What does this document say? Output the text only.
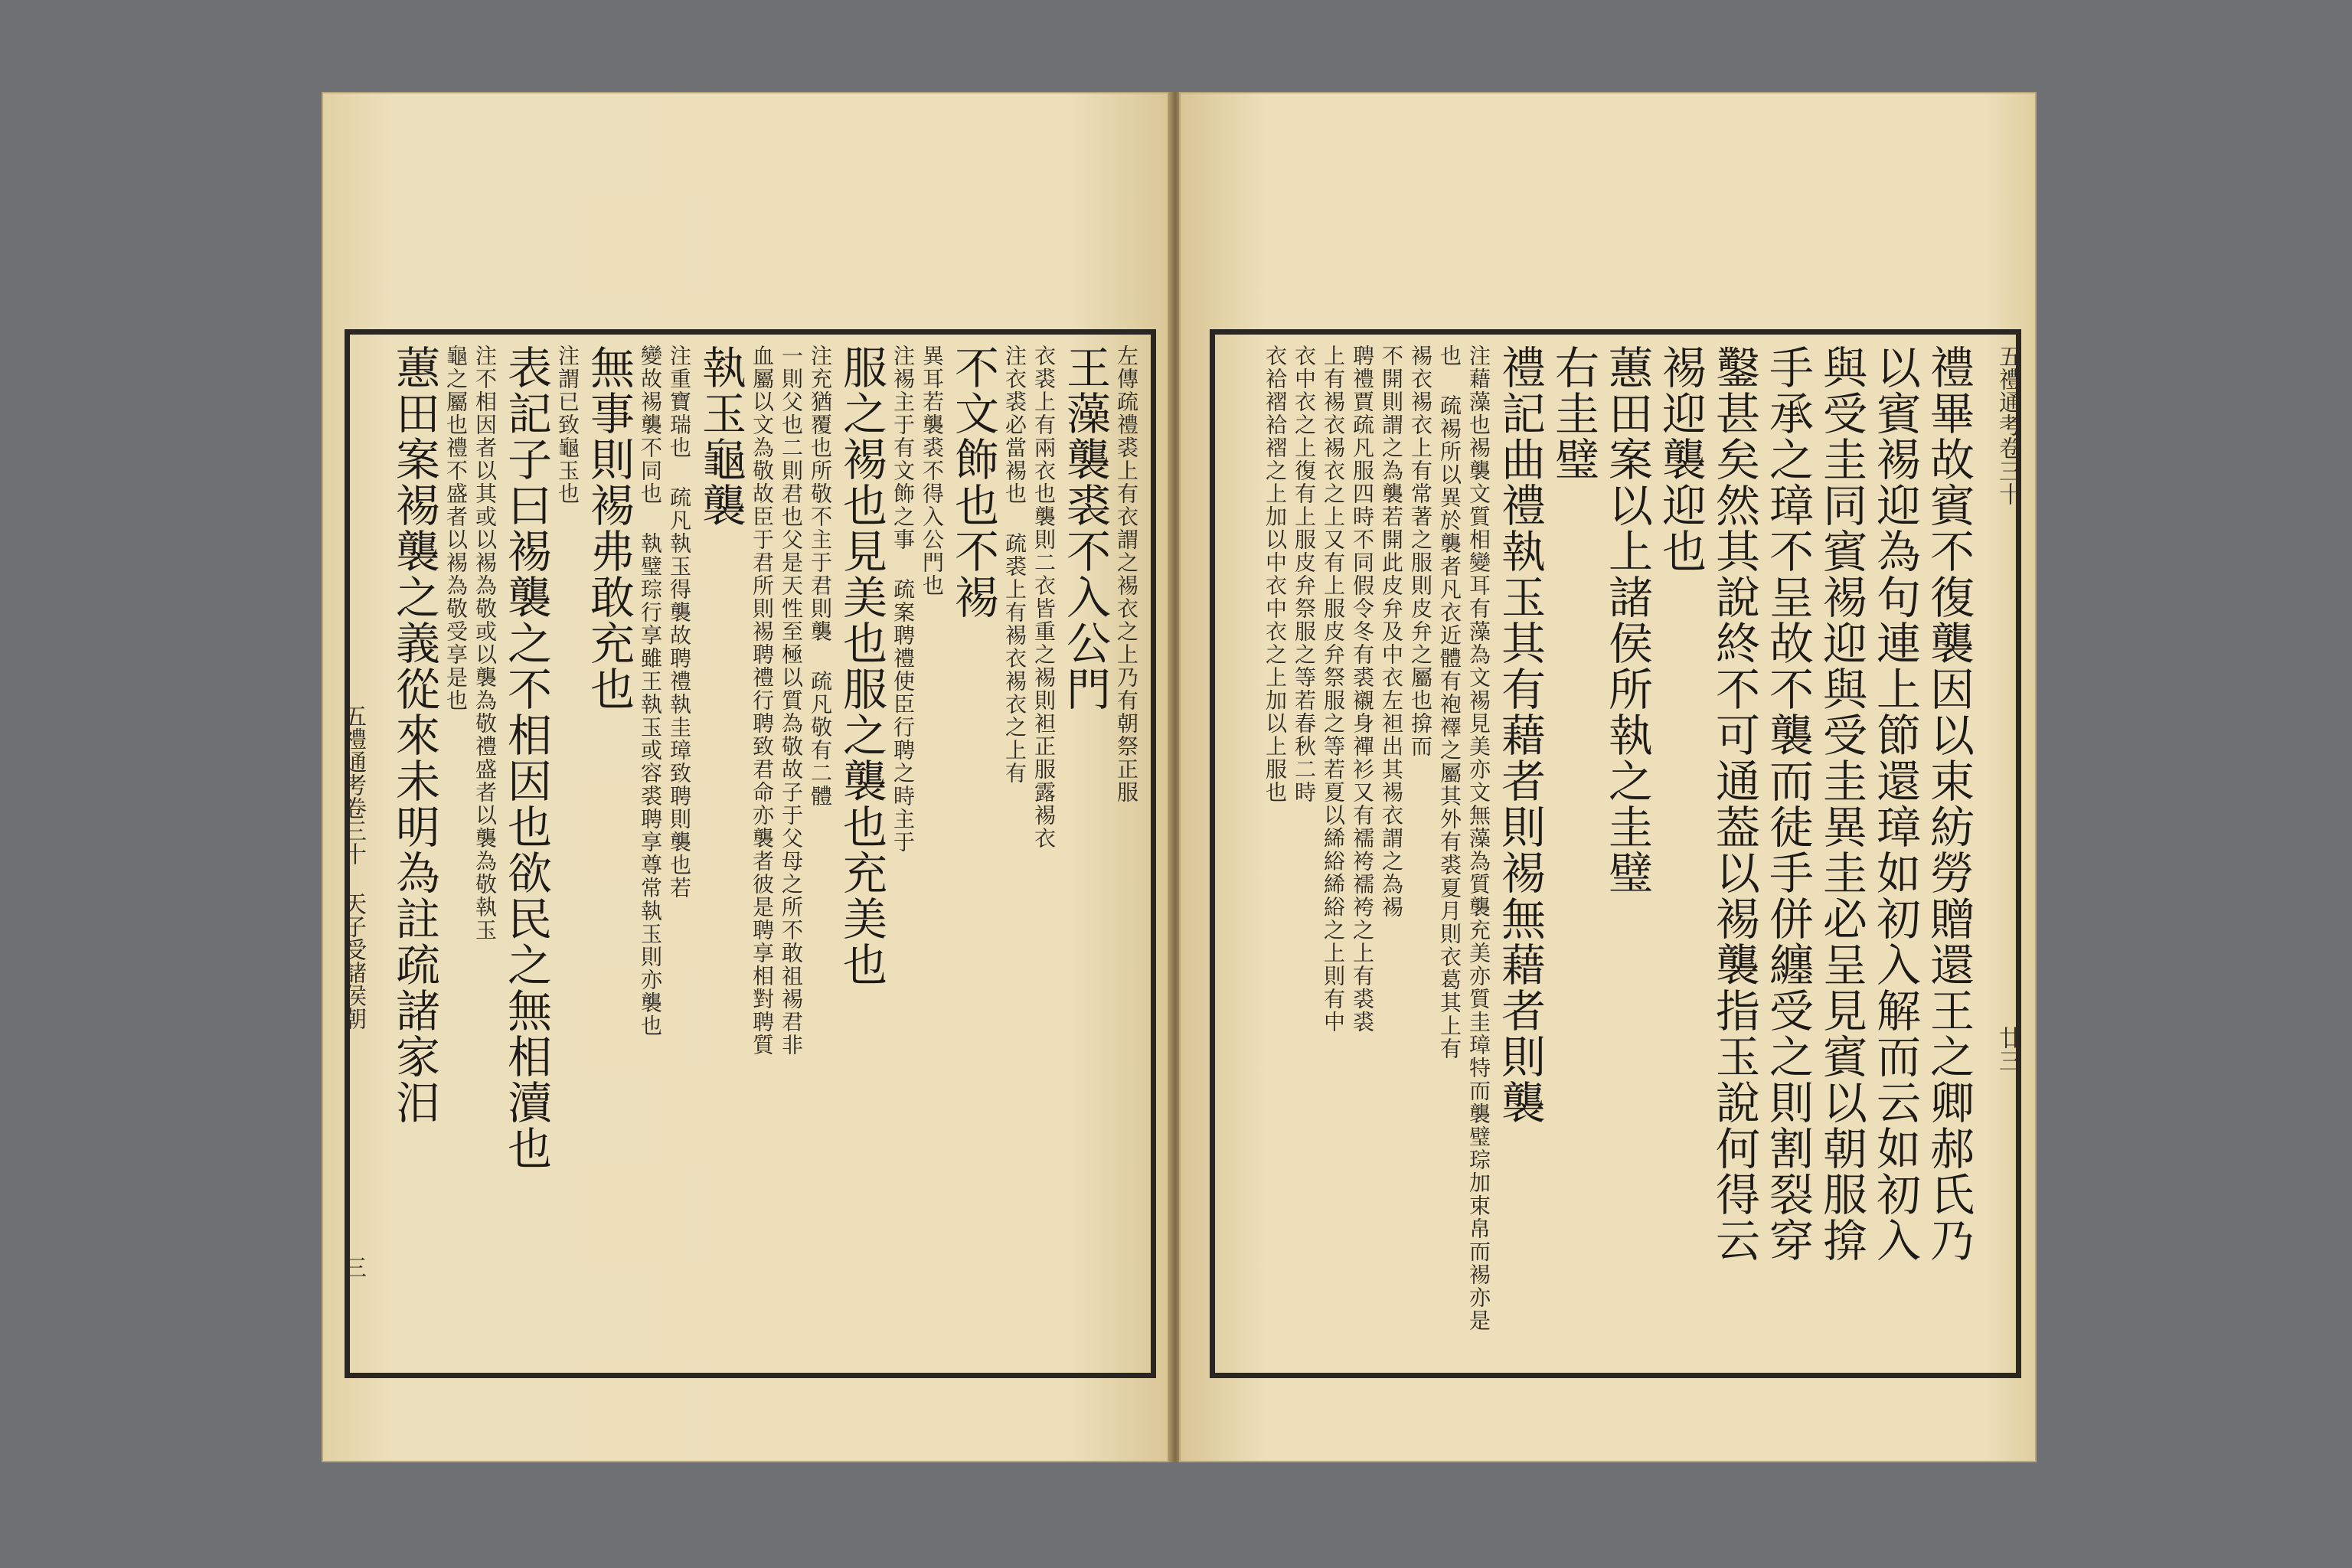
五禮通考卷三十 天子受諸侯朝
三
左傳疏禮裘上有衣謂之裼衣之上乃有朝祭正服
王藻襲裘不入公門
衣裘上有兩衣也襲則二衣皆重之裼則袒正服露裼衣
注衣裘必當裼也 疏裘上有裼衣裼衣之上有
不文飾也不裼
異耳若襲裘不得入公門也
注裼主于有文飾之事 疏案聘禮使臣行聘之時主于
服之裼也見美也服之襲也充美也
注充猶覆也所敬不主于君則襲 疏凡敬有二體
一則父也二則君也父是天性至極以質為敬故子于父母之所不敢祖裼君非
血屬以文為敬故臣于君所則裼聘禮行聘致君命亦襲者彼是聘享相對聘質
執玉龜襲
注重寶瑞也 疏凡執玉得襲故聘禮執圭璋致聘則襲也若
變故裼襲不同也 執璧琮行享雖王執玉或容裘聘享尊常執玉則亦襲也
無事則裼弗敢充也
注謂已致龜玉也
表記子曰裼襲之不相因也欲民之無相瀆也
注不相因者以其或以裼為敬或以襲為敬禮盛者以襲為敬執玉
龜之屬也禮不盛者以裼為敬受享是也
蕙田案裼襲之義從來未明為註疏諸家汨	五禮通考卷三十
廿三
禮畢故賓不復襲因以束紡勞贈還王之卿郝氏乃
以賓裼迎為句連上節還璋如初入解而云如初入
與受圭同賓裼迎與受圭異圭必呈見賓以朝服揜
手承之璋不呈故不襲而徒手併纏受之則割裂穿
鑿甚矣然其說終不可通葢以裼襲指玉說何得云
裼迎襲迎也
蕙田案以上諸侯所執之圭璧
右圭璧
禮記曲禮執玉其有藉者則裼無藉者則襲
注藉藻也裼襲文質相變耳有藻為文裼見美亦文無藻為質襲充美亦質圭璋特而襲璧琮加束帛而裼亦是
也 疏裼所以異於襲者凡衣近體有袍襗之屬其外有裘夏月則衣葛其上有
裼衣裼衣上有常著之服則皮弁之屬也揜而
不開則謂之為襲若開此皮弁及中衣左袒出其裼衣謂之為裼
聘禮賈疏凡服四時不同假令冬有裘襯身襌衫又有襦袴襦袴之上有裘裘
上有裼衣裼衣之上又有上服皮弁祭服之等若夏以絺綌絺綌之上則有中
衣中衣之上復有上服皮弁祭服之等若春秋二時
衣袷褶袷褶之上加以中衣中衣之上加以上服也
